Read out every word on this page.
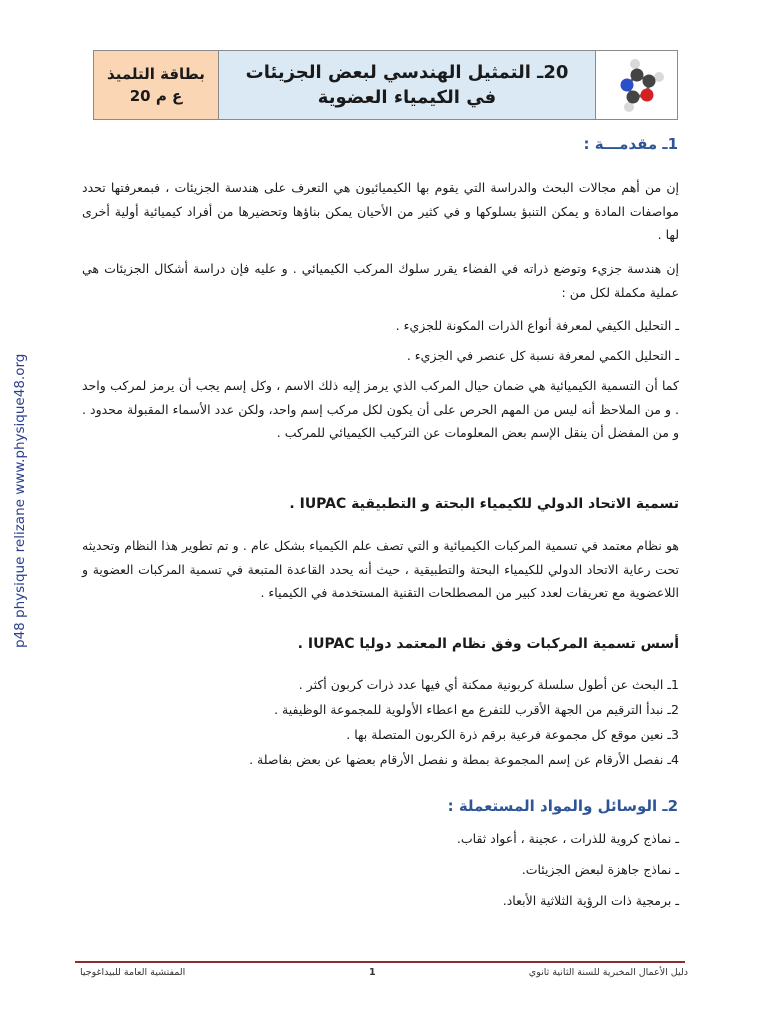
بطاقة التلميذ
ع م 20
20ـ التمثيل الهندسي لبعض الجزيئات
في الكيمياء العضوية
p48 physique relizane www.physique48.org
1ـ مقدمـــة :
إن من أهم مجالات البحث والدراسة التي يقوم بها الكيميائيون هي التعرف على هندسة الجزيئات ، فبمعرفتها تحدد مواصفات المادة و يمكن التنبؤ بسلوكها و في كثير من الأحيان يمكن بناؤها وتحضيرها من أفراد كيميائية أولية أخرى لها .
إن هندسة جزيء وتوضع ذراته في الفضاء يقرر سلوك المركب الكيميائي . و عليه فإن دراسة أشكال الجزيئات هي عملية مكملة لكل من :
ـ التحليل الكيفي لمعرفة أنواع الذرات المكونة للجزيء .
ـ التحليل الكمي لمعرفة نسبة كل عنصر في الجزيء .
كما أن التسمية الكيميائية هي ضمان حيال المركب الذي يرمز إليه ذلك الاسم ، وكل إسم يجب أن يرمز لمركب واحد . و من الملاحظ أنه ليس من المهم الحرص على أن يكون لكل مركب إسم واحد، ولكن عدد الأسماء المقبولة محدود . و من المفضل أن ينقل الإسم بعض المعلومات عن التركيب الكيميائي للمركب .
تسمية الاتحاد الدولي للكيمياء البحتة و التطبيقية IUPAC .
هو نظام معتمد في تسمية المركبات الكيميائية و التي تصف علم الكيمياء بشكل عام . و تم تطوير هذا النظام وتحديثه تحت رعاية الاتحاد الدولي للكيمياء البحتة والتطبيقية ، حيث أنه يحدد القاعدة المتبعة في تسمية المركبات العضوية و اللاعضوية مع تعريفات لعدد كبير من المصطلحات التقنية المستخدمة في الكيمياء .
أسس تسمية المركبات وفق نظام المعتمد دوليا IUPAC .
1ـ البحث عن أطول سلسلة كربونية ممكنة أي فيها عدد ذرات كربون أكثر .
2ـ نبدأ الترقيم من الجهة الأقرب للتفرع مع اعطاء الأولوية للمجموعة الوظيفية .
3ـ نعين موقع كل مجموعة فرعية برقم ذرة الكربون المتصلة بها .
4ـ نفصل الأرقام عن إسم المجموعة بمطة و نفصل الأرقام بعضها عن بعض بفاصلة .
2ـ الوسائل والمواد المستعملة :
ـ نماذج كروية للذرات ، عجينة ، أعواد ثقاب.
ـ نماذج جاهزة لبعض الجزيئات.
ـ برمجية ذات الرؤية الثلاثية الأبعاد.
دليل الأعمال المخبرية للسنة الثانية ثانوي
1
المفتشية العامة للبيداغوجيا
